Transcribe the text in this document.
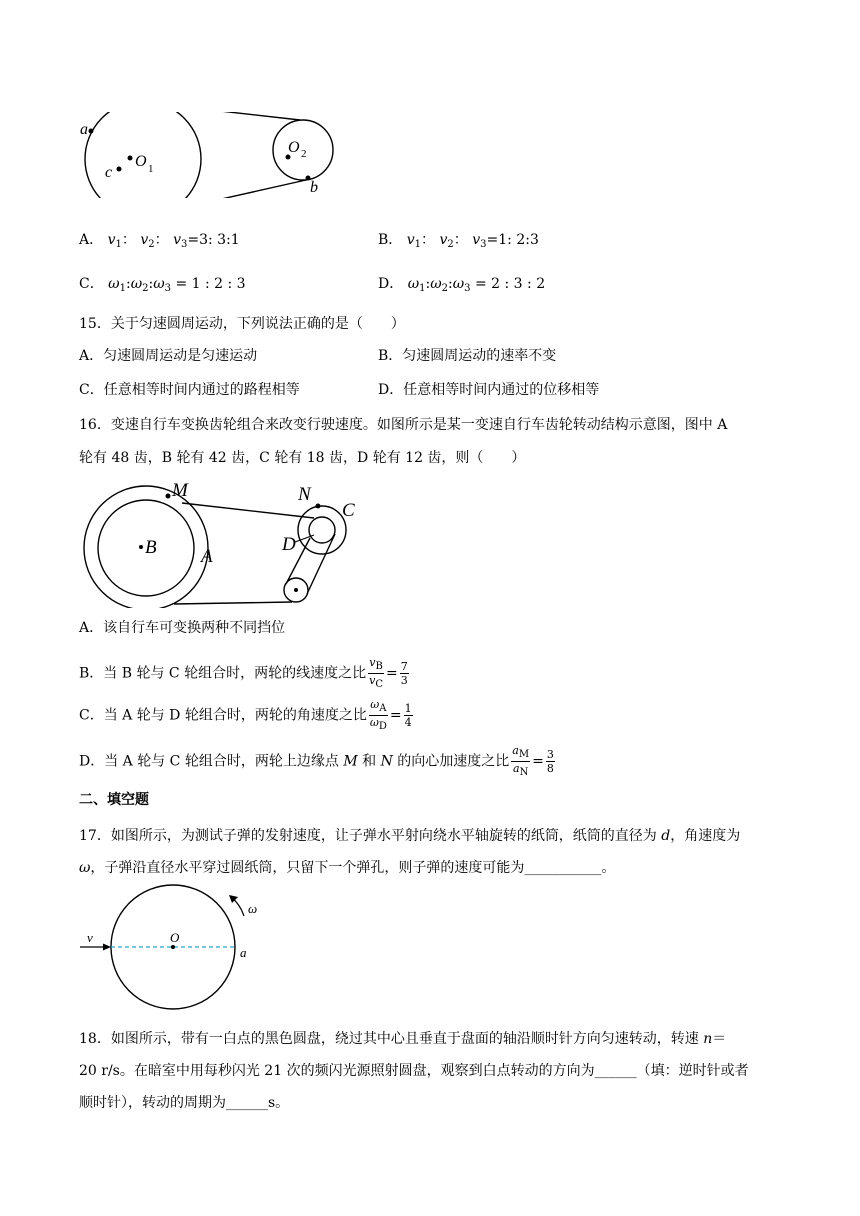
a
c
O 1
O 2
b
A． $v_1$： $v_2$： $v_3=3$: 3:1	B． $v_1$： $v_2$： $v_3=1$: 2:3
C． $\omega_1:\omega_2:\omega_3 = 1$ : 2 : 3	D． $\omega_1:\omega_2:\omega_3 = 2$ : 3 : 2
15．关于匀速圆周运动，下列说法正确的是（　　）
A．匀速圆周运动是匀速运动	B．匀速圆周运动的速率不变
C．任意相等时间内通过的路程相等	D．任意相等时间内通过的位移相等
16．变速自行车变换齿轮组合来改变行驶速度。如图所示是某一变速自行车齿轮转动结构示意图，图中 A
轮有 48 齿，B 轮有 42 齿，C 轮有 18 齿，D 轮有 12 齿，则（　　）
M	N
B A
C
D
A．该自行车可变换两种不同挡位
B．当 B 轮与 C 轮组合时，两轮的线速度之比 $\frac{vB}{vC} = \frac{7}{3}$
C．当 A 轮与 D 轮组合时，两轮的角速度之比 $\frac{\omega A}{\omega D} = \frac{1}{4}$
D．当 A 轮与 C 轮组合时，两轮上边缘点 M 和 N 的向心加速度之比 $\frac{aM}{aN} = \frac{3}{8}$
二、填空题
17．如图所示，为测试子弹的发射速度，让子弹水平射向绕水平轴旋转的纸筒，纸筒的直径为 d，角速度为
ω，子弹沿直径水平穿过圆纸筒，只留下一个弹孔，则子弹的速度可能为___________。
v	O
a
ω
18．如图所示，带有一白点的黑色圆盘，绕过其中心且垂直于盘面的轴沿顺时针方向匀速转动，转速 n＝
20 r/s。在暗室中用每秒闪光 21 次的频闪光源照射圆盘，观察到白点转动的方向为______（填：逆时针或者
顺时针），转动的周期为______s。
